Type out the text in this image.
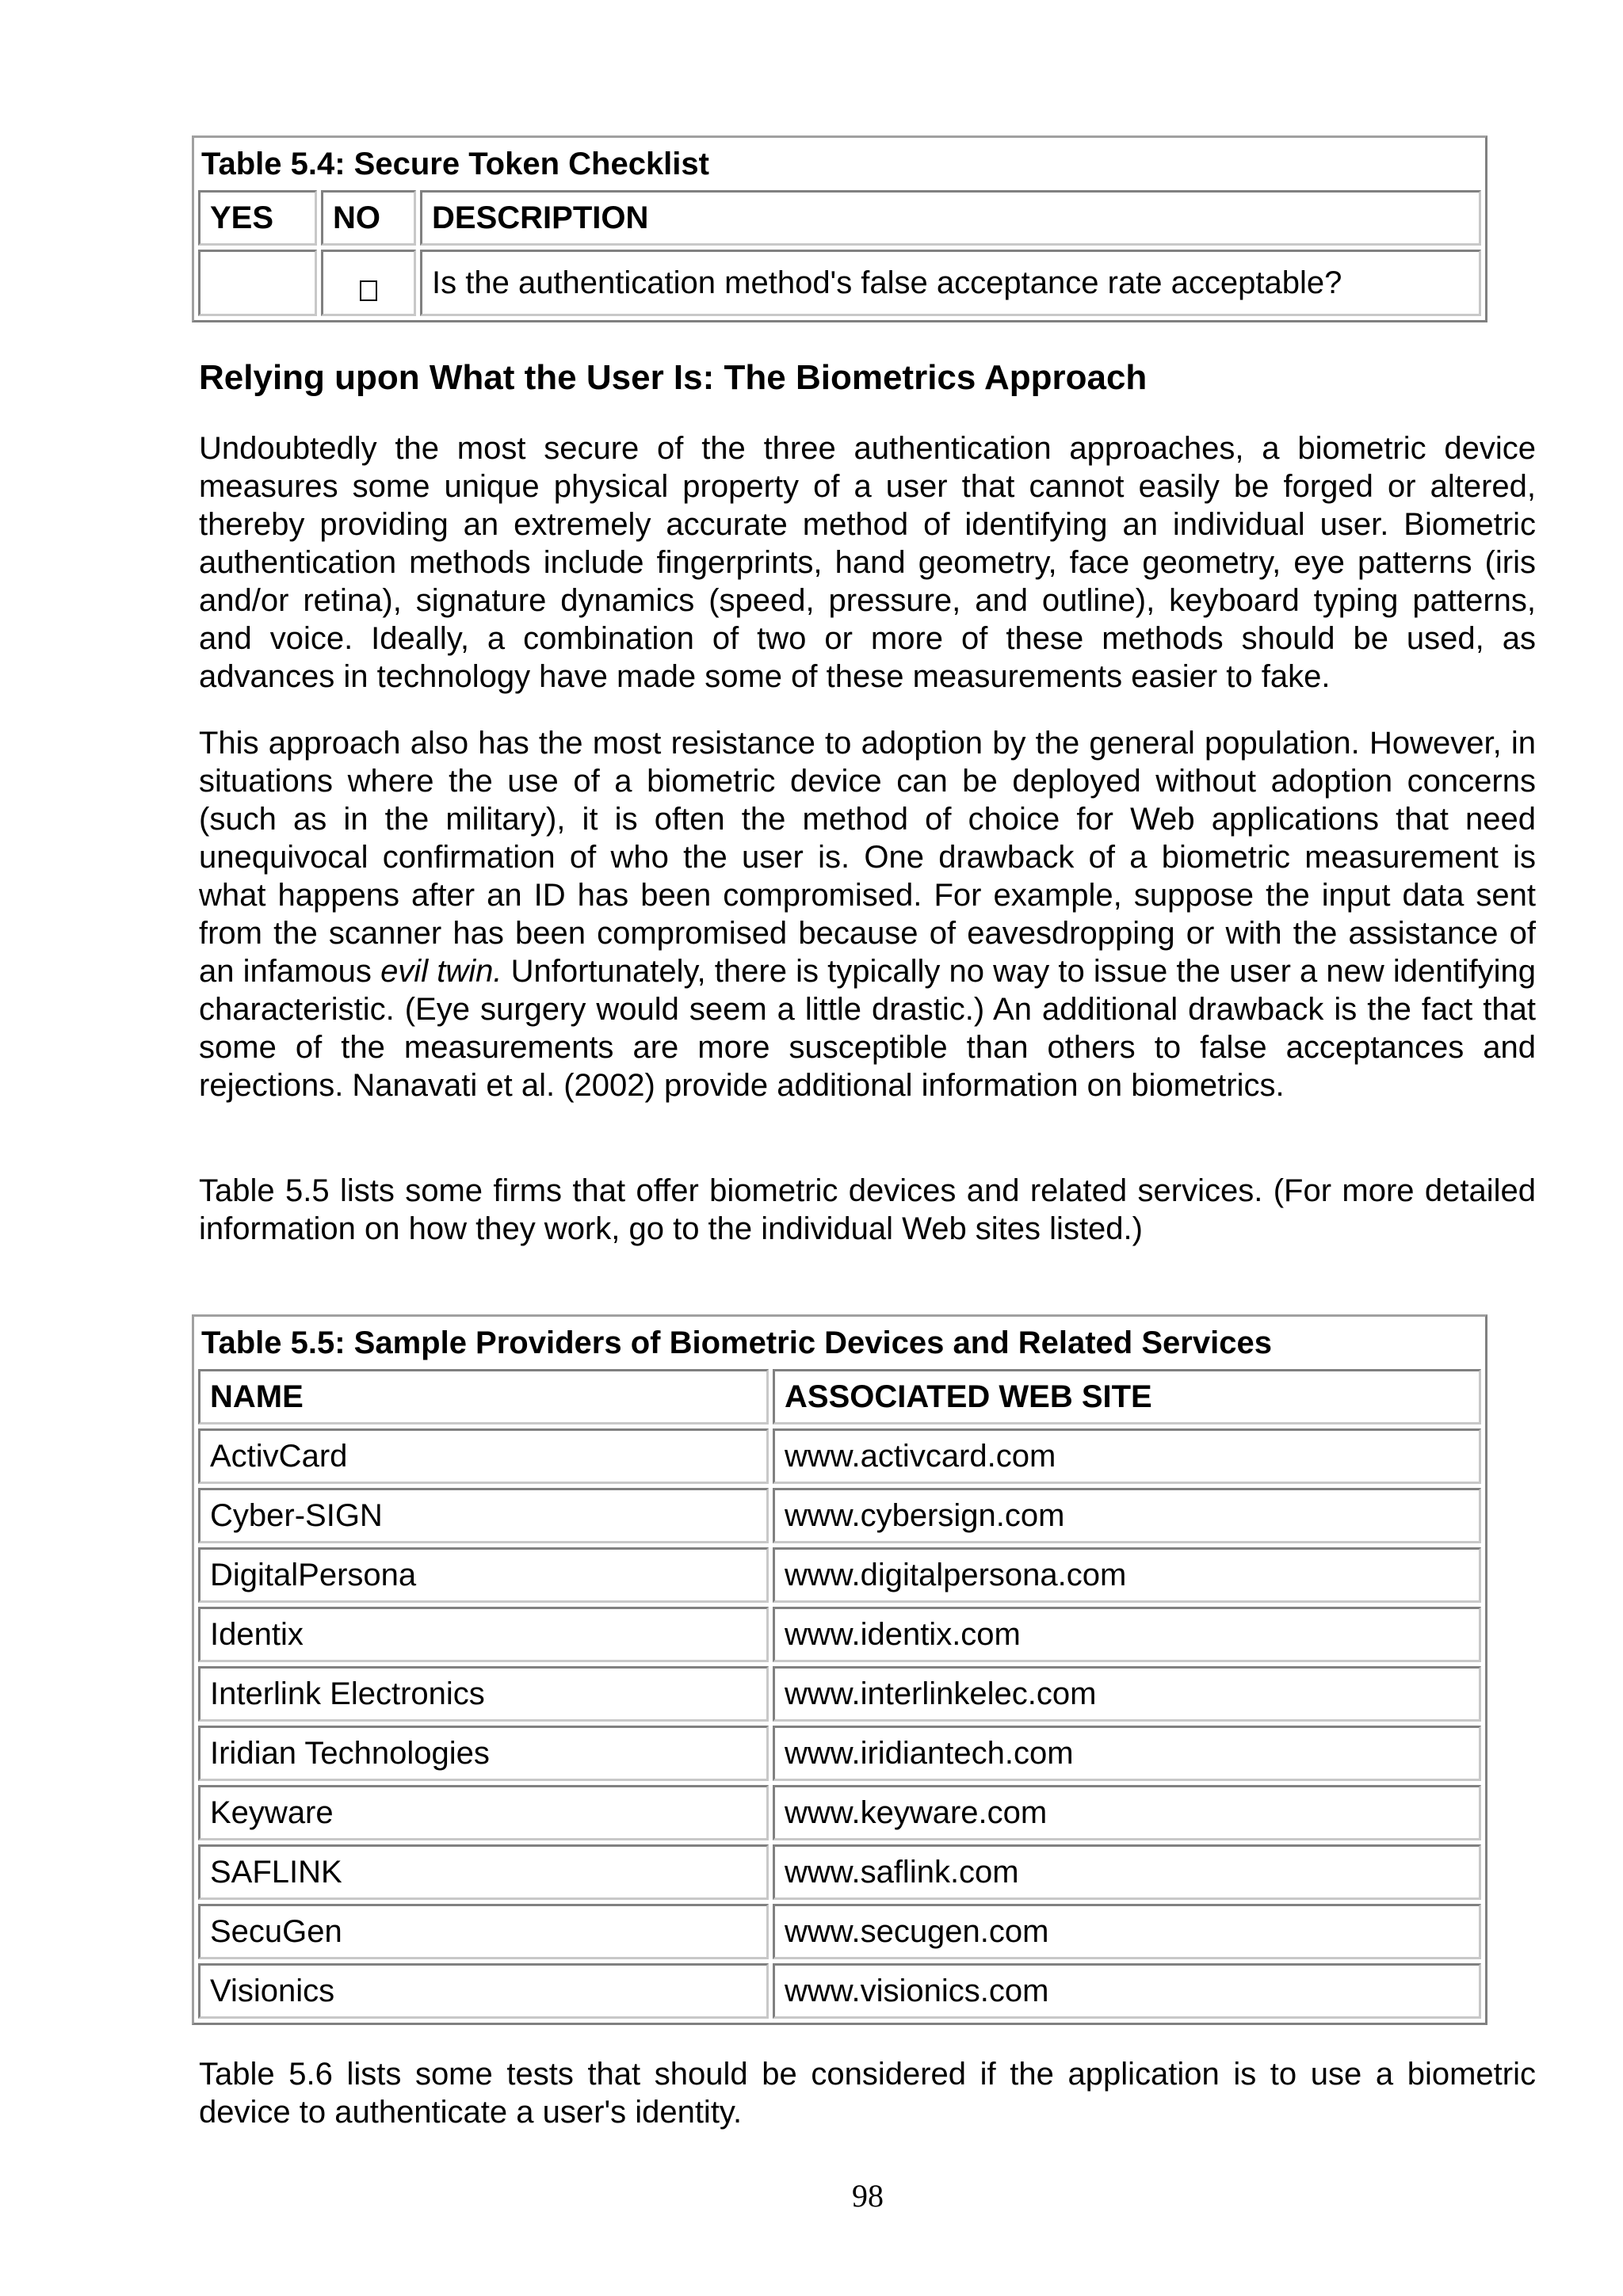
Table 5.4: Secure Token Checklist		
YES	NO	DESCRIPTION
		Is the authentication method's false acceptance rate acceptable?
Relying upon What the User Is: The Biometrics Approach

Undoubtedly the most secure of the three authentication approaches, a biometric device measures some unique physical property of a user that cannot easily be forged or altered, thereby providing an extremely accurate method of identifying an individual user. Biometric authentication methods include fingerprints, hand geometry, face geometry, eye patterns (iris and/or retina), signature dynamics (speed, pressure, and outline), keyboard typing patterns, and voice. Ideally, a combination of two or more of these methods should be used, as advances in technology have made some of these measurements easier to fake.

This approach also has the most resistance to adoption by the general population. However, in situations where the use of a biometric device can be deployed without adoption concerns (such as in the military), it is often the method of choice for Web applications that need unequivocal confirmation of who the user is. One drawback of a biometric measurement is what happens after an ID has been compromised. For example, suppose the input data sent from the scanner has been compromised because of eavesdropping or with the assistance of an infamous evil twin. Unfortunately, there is typically no way to issue the user a new identifying characteristic. (Eye surgery would seem a little drastic.) An additional drawback is the fact that some of the measurements are more susceptible than others to false acceptances and rejections. Nanavati et al. (2002) provide additional information on biometrics.

Table 5.5 lists some firms that offer biometric devices and related services. (For more detailed information on how they work, go to the individual Web sites listed.)

Table 5.5: Sample Providers of Biometric Devices and Related Services	
NAME	ASSOCIATED WEB SITE
ActivCard	www.activcard.com
Cyber-SIGN	www.cybersign.com
DigitalPersona	www.digitalpersona.com
Identix	www.identix.com
Interlink Electronics	www.interlinkelec.com
Iridian Technologies	www.iridiantech.com
Keyware	www.keyware.com
SAFLINK	www.saflink.com
SecuGen	www.secugen.com
Visionics	www.visionics.com

Table 5.6 lists some tests that should be considered if the application is to use a biometric device to authenticate a user's identity.

98
